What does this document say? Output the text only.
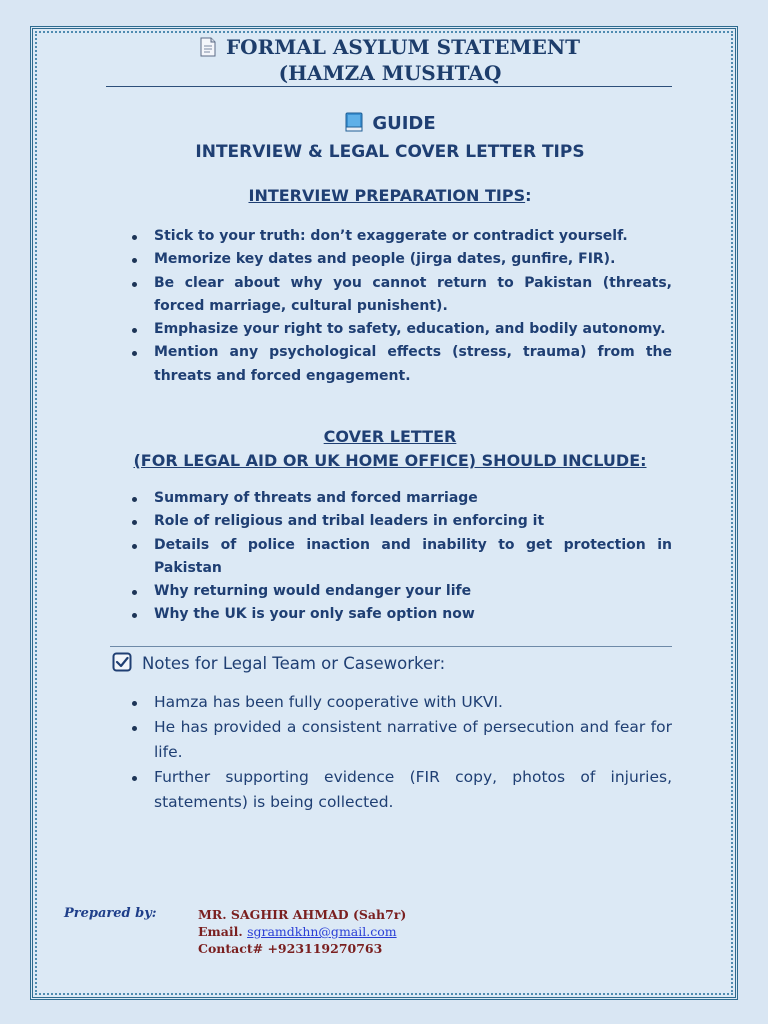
FORMAL ASYLUM STATEMENT
(HAMZA MUSHTAQ
GUIDE
INTERVIEW & LEGAL COVER LETTER TIPS
INTERVIEW PREPARATION TIPS:
Stick to your truth: don’t exaggerate or contradict yourself.
Memorize key dates and people (jirga dates, gunfire, FIR).
Be clear about why you cannot return to Pakistan (threats, forced marriage, cultural punishent).
Emphasize your right to safety, education, and bodily autonomy.
Mention any psychological effects (stress, trauma) from the threats and forced engagement.
COVER LETTER
(FOR LEGAL AID OR UK HOME OFFICE) SHOULD INCLUDE:
Summary of threats and forced marriage
Role of religious and tribal leaders in enforcing it
Details of police inaction and inability to get protection in Pakistan
Why returning would endanger your life
Why the UK is your only safe option now
Notes for Legal Team or Caseworker:
Hamza has been fully cooperative with UKVI.
He has provided a consistent narrative of persecution and fear for life.
Further supporting evidence (FIR copy, photos of injuries, statements) is being collected.
Prepared by:	MR. SAGHIR AHMAD (Sah7r)
Email. sgramdkhn@gmail.com
Contact# +923119270763
